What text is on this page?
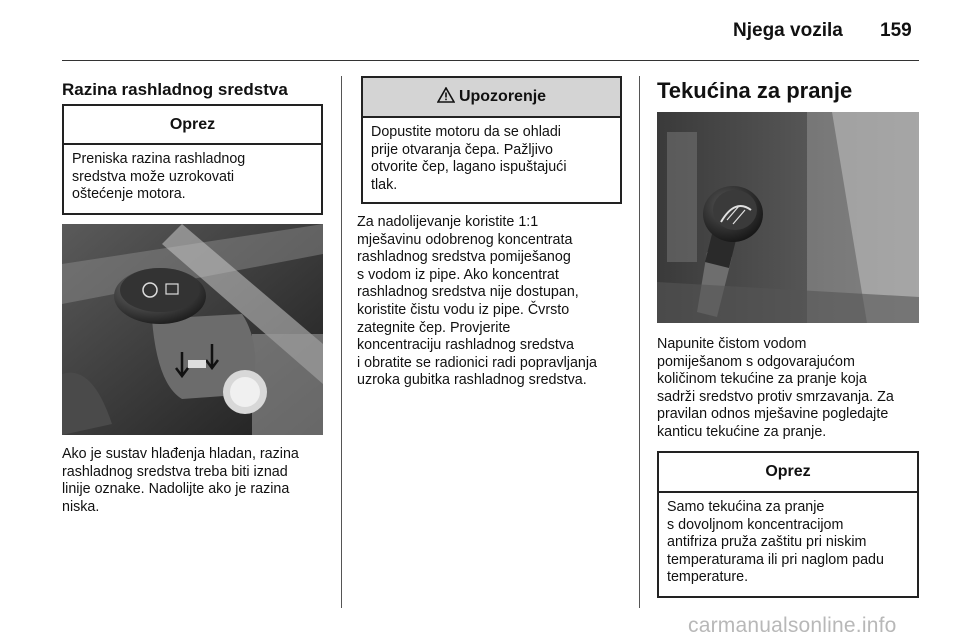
Njega vozila 159
Razina rashladnog sredstva
Oprez
Preniska razina rashladnog
sredstva može uzrokovati
oštećenje motora.
Ako je sustav hlađenja hladan, razina
rashladnog sredstva treba biti iznad
linije oznake. Nadolijte ako je razina
niska.
Upozorenje
Dopustite motoru da se ohladi
prije otvaranja čepa. Pažljivo
otvorite čep, lagano ispuštajući
tlak.
Za nadolijevanje koristite 1:1
mješavinu odobrenog koncentrata
rashladnog sredstva pomiješanog
s vodom iz pipe. Ako koncentrat
rashladnog sredstva nije dostupan,
koristite čistu vodu iz pipe. Čvrsto
zategnite čep. Provjerite
koncentraciju rashladnog sredstva
i obratite se radionici radi popravljanja
uzroka gubitka rashladnog sredstva.
Tekućina za pranje
Napunite čistom vodom
pomiješanom s odgovarajućom
količinom tekućine za pranje koja
sadrži sredstvo protiv smrzavanja. Za
pravilan odnos mješavine pogledajte
kanticu tekućine za pranje.
Oprez
Samo tekućina za pranje
s dovoljnom koncentracijom
antifriza pruža zaštitu pri niskim
temperaturama ili pri naglom padu
temperature.
carmanualsonline.info
